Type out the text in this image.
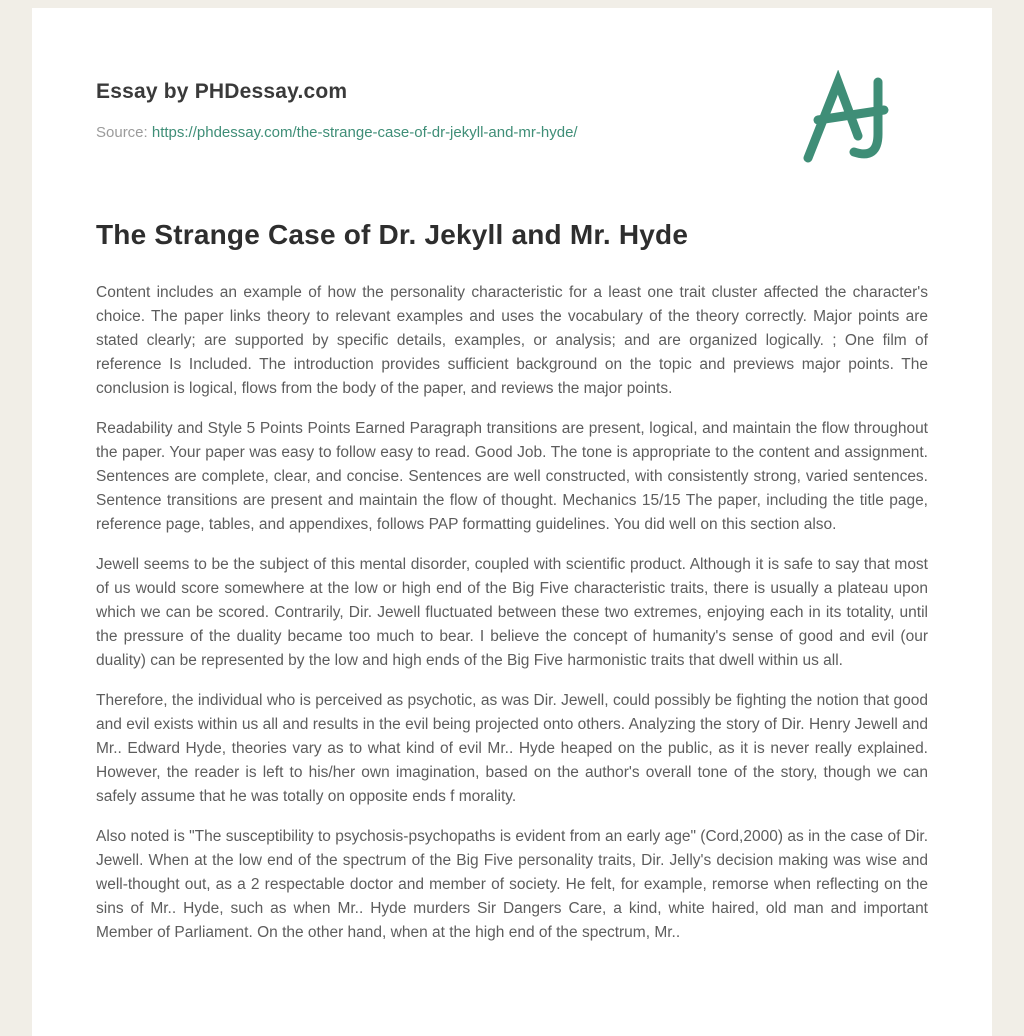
Essay by PHDessay.com
Source: https://phdessay.com/the-strange-case-of-dr-jekyll-and-mr-hyde/
The Strange Case of Dr. Jekyll and Mr. Hyde

Content includes an example of how the personality characteristic for a least one trait cluster affected the character's choice. The paper links theory to relevant examples and uses the vocabulary of the theory correctly. Major points are stated clearly; are supported by specific details, examples, or analysis; and are organized logically. ; One film of reference Is Included. The introduction provides sufficient background on the topic and previews major points. The conclusion is logical, flows from the body of the paper, and reviews the major points.

Readability and Style 5 Points Points Earned Paragraph transitions are present, logical, and maintain the flow throughout the paper. Your paper was easy to follow easy to read. Good Job. The tone is appropriate to the content and assignment. Sentences are complete, clear, and concise. Sentences are well constructed, with consistently strong, varied sentences. Sentence transitions are present and maintain the flow of thought. Mechanics 15/15 The paper, including the title page, reference page, tables, and appendixes, follows PAP formatting guidelines. You did well on this section also.

Jewell seems to be the subject of this mental disorder, coupled with scientific product. Although it is safe to say that most of us would score somewhere at the low or high end of the Big Five characteristic traits, there is usually a plateau upon which we can be scored. Contrarily, Dir. Jewell fluctuated between these two extremes, enjoying each in its totality, until the pressure of the duality became too much to bear. I believe the concept of humanity's sense of good and evil (our duality) can be represented by the low and high ends of the Big Five harmonistic traits that dwell within us all.

Therefore, the individual who is perceived as psychotic, as was Dir. Jewell, could possibly be fighting the notion that good and evil exists within us all and results in the evil being projected onto others. Analyzing the story of Dir. Henry Jewell and Mr.. Edward Hyde, theories vary as to what kind of evil Mr.. Hyde heaped on the public, as it is never really explained. However, the reader is left to his/her own imagination, based on the author's overall tone of the story, though we can safely assume that he was totally on opposite ends f morality.

Also noted is "The susceptibility to psychosis-psychopaths is evident from an early age" (Cord,2000) as in the case of Dir. Jewell. When at the low end of the spectrum of the Big Five personality traits, Dir. Jelly's decision making was wise and well-thought out, as a 2 respectable doctor and member of society. He felt, for example, remorse when reflecting on the sins of Mr.. Hyde, such as when Mr.. Hyde murders Sir Dangers Care, a kind, white haired, old man and important Member of Parliament. On the other hand, when at the high end of the spectrum, Mr..
